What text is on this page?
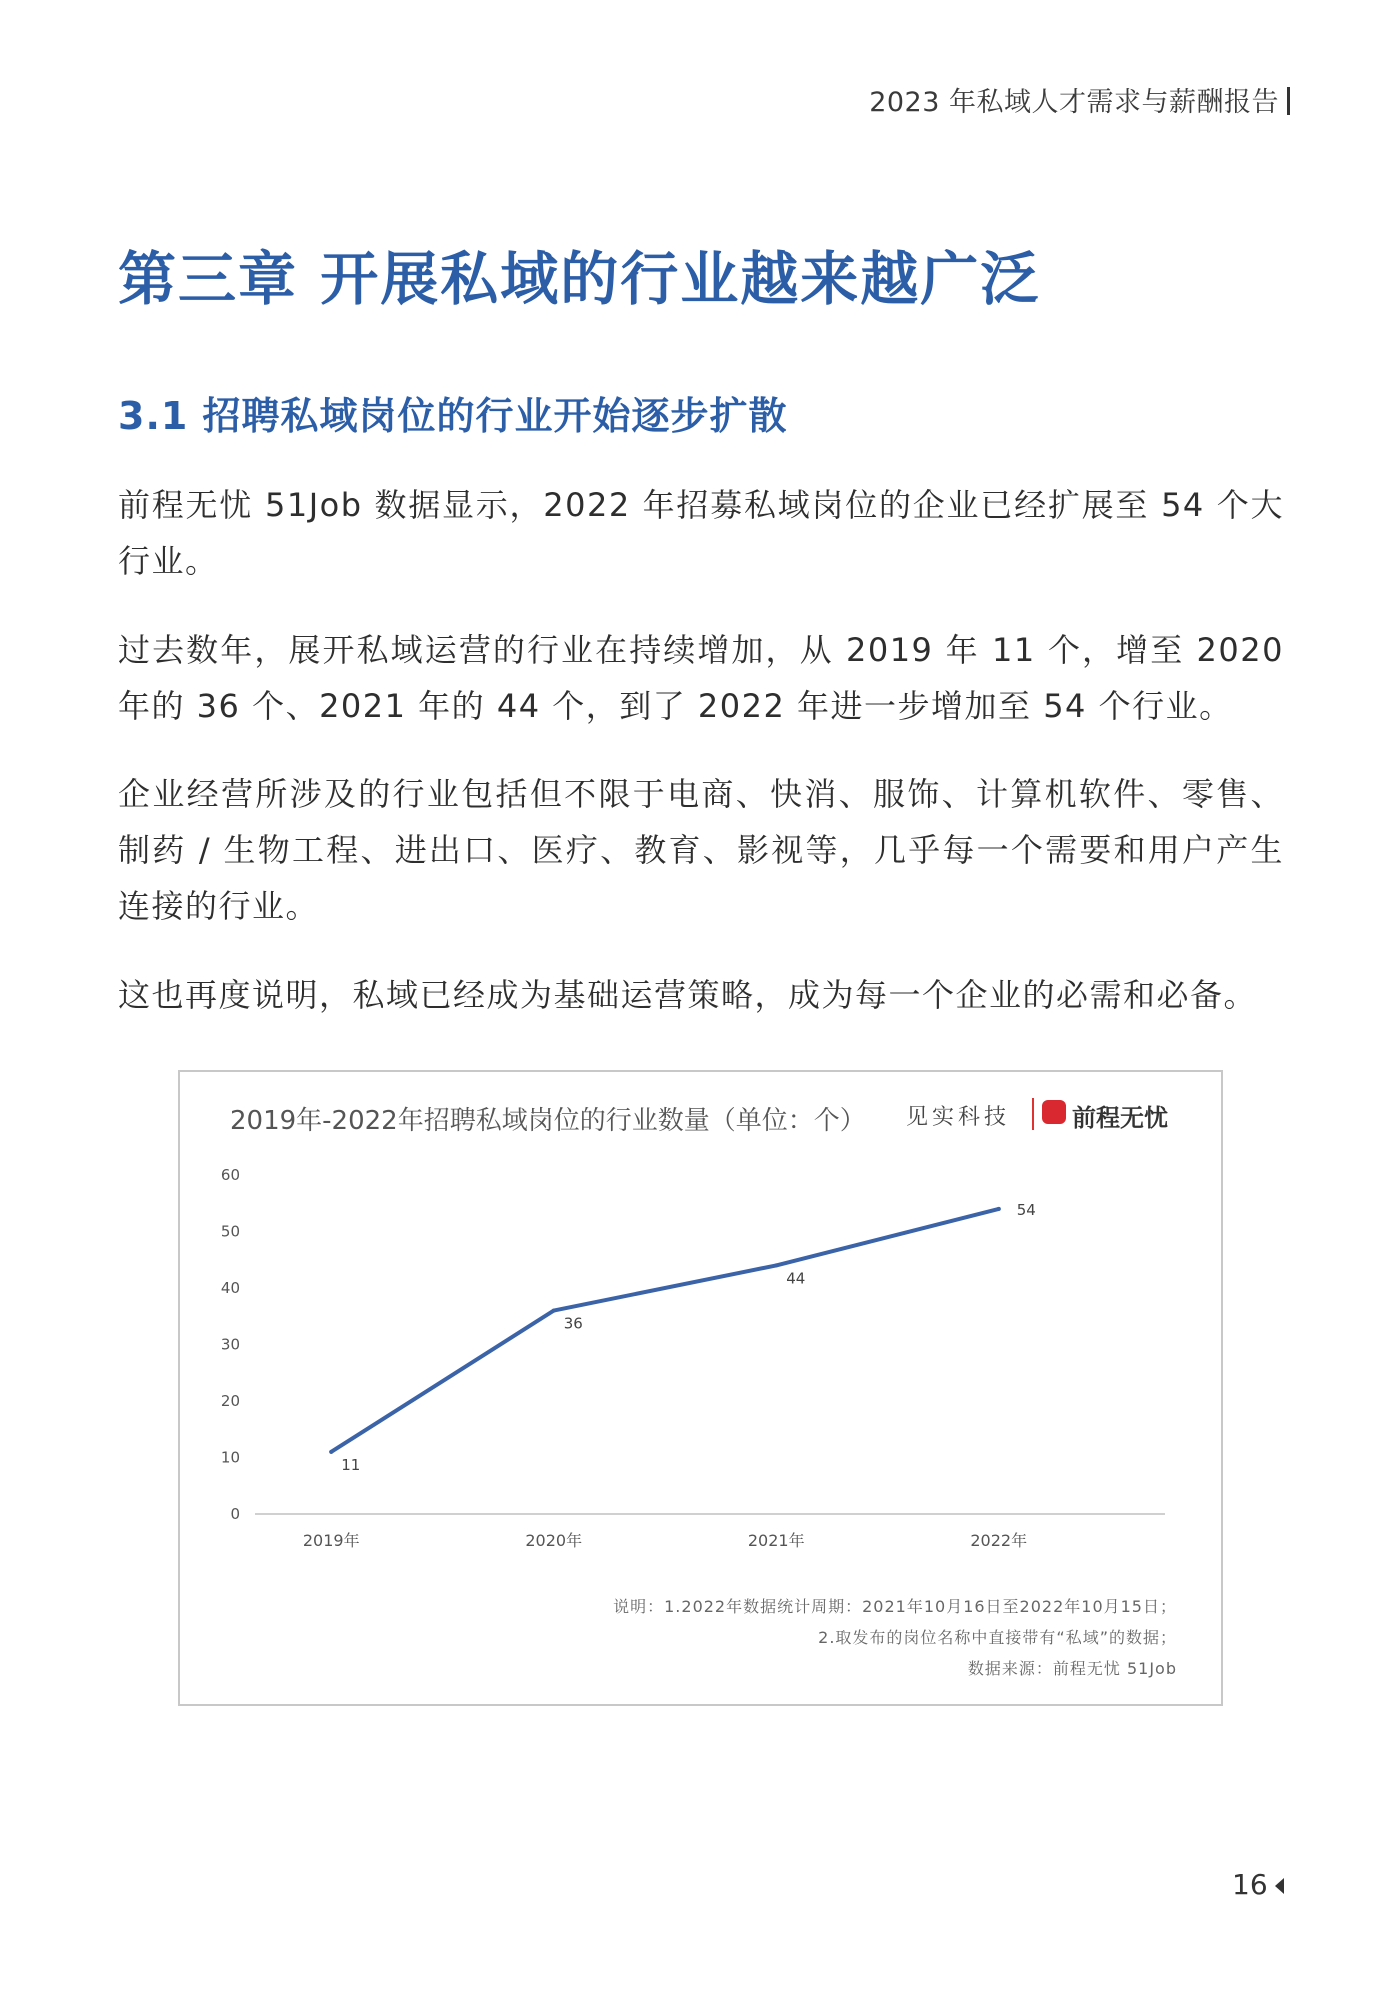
2023 年私域人才需求与薪酬报告
第三章 开展私域的行业越来越广泛
3.1 招聘私域岗位的行业开始逐步扩散
前程无忧 51Job 数据显示，2022 年招募私域岗位的企业已经扩展至 54 个大行业。
过去数年，展开私域运营的行业在持续增加，从 2019 年 11 个，增至 2020 年的 36 个、2021 年的 44 个，到了 2022 年进一步增加至 54 个行业。
企业经营所涉及的行业包括但不限于电商、快消、服饰、计算机软件、零售、制药 / 生物工程、进出口、医疗、教育、影视等，几乎每一个需要和用户产生连接的行业。
这也再度说明，私域已经成为基础运营策略，成为每一个企业的必需和必备。
2019年-2022年招聘私域岗位的行业数量（单位：个） 见实科技	前程无忧
0
10
20
30
40
50
60
2019年	2020年	2021年	2022年
11
36
44
54
说明：1.2022年数据统计周期：2021年10月16日至2022年10月15日；
2.取发布的岗位名称中直接带有“私域”的数据；
数据来源：前程无忧 51Job
16
